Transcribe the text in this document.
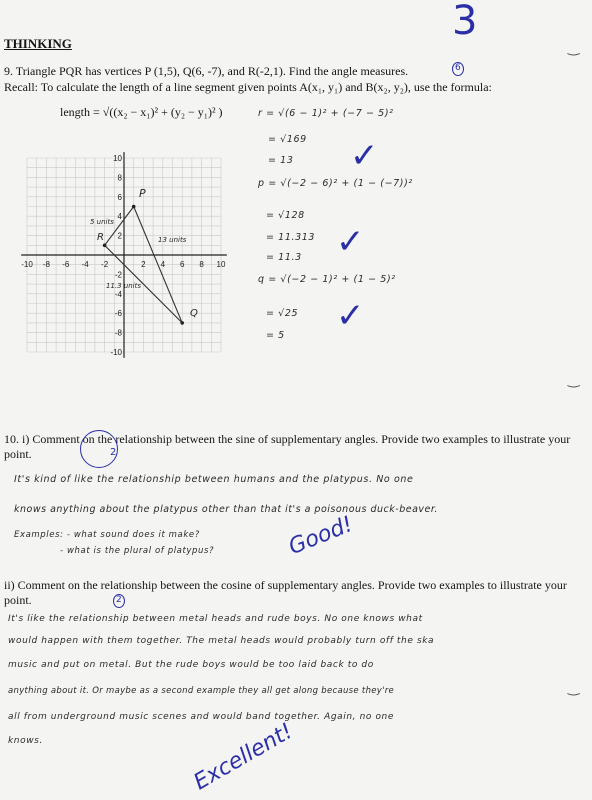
THINKING	3
‿
9. Triangle PQR has vertices P (1,5), Q(6, -7), and R(-2,1). Find the angle measures.	6
Recall: To calculate the length of a line segment given points A(x₁, y₁) and B(x₂, y₂), use the formula:
length = √((x₂ − x₁)² + (y₂ − y₁)² )
-10 -8 -6 -4 -2	2 4 6 8 10
10
8
6
4
2
-2
-4
-6
-8
-10
P
R
Q
5 units
13 units
11.3 units
r = √(6 − 1)² + (−7 − 5)²
= √169
= 13 ✓
p = √(−2 − 6)² + (1 − (−7))²
= √128
= 11.313
= 11.3 ✓
q = √(−2 − 1)² + (1 − 5)²
= √25
= 5 ✓
‿
10. i) Comment on the relationship between the sine of supplementary angles. Provide two examples to illustrate your point.	2
It's kind of like the relationship between humans and the platypus. No one
knows anything about the platypus other than that it's a poisonous duck-beaver.
Examples: - what sound does it make?
- what is the plural of platypus?	Good!
ii) Comment on the relationship between the cosine of supplementary angles. Provide two examples to illustrate your point.	2
It's like the relationship between metal heads and rude boys. No one knows what
would happen with them together. The metal heads would probably turn off the ska
music and put on metal. But the rude boys would be too laid back to do
anything about it. Or maybe as a second example they all get along because they're
all from underground music scenes and would band together. Again, no one
knows.	Excellent!
‿
